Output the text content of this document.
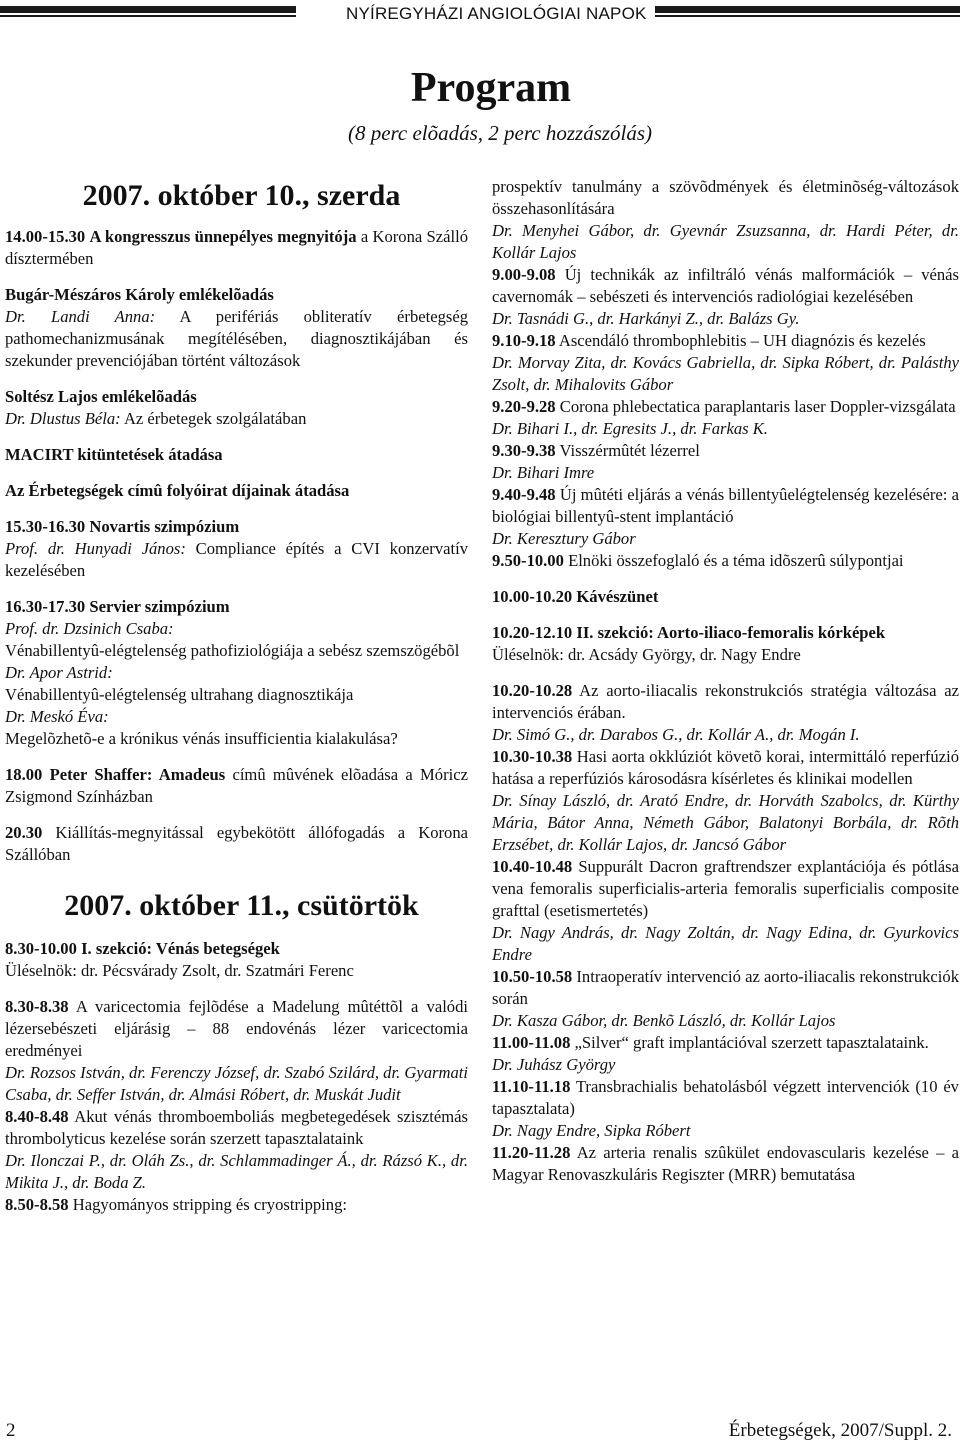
NYÍREGYHÁZI ANGIOLÓGIAI NAPOK
Program
(8 perc elõadás, 2 perc hozzászólás)
2007. október 10., szerda
14.00-15.30 A kongresszus ünnepélyes megnyitója a Korona Szálló dísztermében
Bugár-Mészáros Károly emlékelõadás
Dr. Landi Anna: A perifériás obliteratív érbetegség pathomechanizmusának megítélésében, diagnosztikájában és szekunder prevenciójában történt változások
Soltész Lajos emlékelõadás
Dr. Dlustus Béla: Az érbetegek szolgálatában
MACIRT kitüntetések átadása
Az Érbetegségek címû folyóirat díjainak átadása
15.30-16.30 Novartis szimpózium
Prof. dr. Hunyadi János: Compliance építés a CVI konzervatív kezelésében
16.30-17.30 Servier szimpózium
Prof. dr. Dzsinich Csaba:
Vénabillentyû-elégtelenség pathofiziológiája a sebész szemszögébõl
Dr. Apor Astrid:
Vénabillentyû-elégtelenség ultrahang diagnosztikája
Dr. Meskó Éva:
Megelõzhetõ-e a krónikus vénás insufficientia kialakulása?
18.00 Peter Shaffer: Amadeus címû mûvének elõadása a Móricz Zsigmond Színházban
20.30 Kiállítás-megnyitással egybekötött állófogadás a Korona Szállóban
2007. október 11., csütörtök
8.30-10.00 I. szekció: Vénás betegségek
Üléselnök: dr. Pécsvárady Zsolt, dr. Szatmári Ferenc
8.30-8.38 A varicectomia fejlõdése a Madelung mûtéttõl a valódi lézersebészeti eljárásig – 88 endovénás lézer varicectomia eredményei
Dr. Rozsos István, dr. Ferenczy József, dr. Szabó Szilárd, dr. Gyarmati Csaba, dr. Seffer István, dr. Almási Róbert, dr. Muskát Judit
8.40-8.48 Akut vénás thromboemboliás megbetegedések szisztémás thrombolyticus kezelése során szerzett tapasztalataink
Dr. Ilonczai P., dr. Oláh Zs., dr. Schlammadinger Á., dr. Rázsó K., dr. Mikita J., dr. Boda Z.
8.50-8.58 Hagyományos stripping és cryostripping:
prospektív tanulmány a szövõdmények és életminõség-változások összehasonlítására
Dr. Menyhei Gábor, dr. Gyevnár Zsuzsanna, dr. Hardi Péter, dr. Kollár Lajos
9.00-9.08 Új technikák az infiltráló vénás malformációk – vénás cavernomák – sebészeti és intervenciós radiológiai kezelésében
Dr. Tasnádi G., dr. Harkányi Z., dr. Balázs Gy.
9.10-9.18 Ascendáló thrombophlebitis – UH diagnózis és kezelés
Dr. Morvay Zita, dr. Kovács Gabriella, dr. Sipka Róbert, dr. Palásthy Zsolt, dr. Mihalovits Gábor
9.20-9.28 Corona phlebectatica paraplantaris laser Doppler-vizsgálata
Dr. Bihari I., dr. Egresits J., dr. Farkas K.
9.30-9.38 Visszérmûtét lézerrel
Dr. Bihari Imre
9.40-9.48 Új mûtéti eljárás a vénás billentyûelégtelenség kezelésére: a biológiai billentyû-stent implantáció
Dr. Keresztury Gábor
9.50-10.00 Elnöki összefoglaló és a téma idõszerû súlypontjai
10.00-10.20 Kávészünet
10.20-12.10 II. szekció: Aorto-iliaco-femoralis kórképek
Üléselnök: dr. Acsády György, dr. Nagy Endre
10.20-10.28 Az aorto-iliacalis rekonstrukciós stratégia változása az intervenciós érában.
Dr. Simó G., dr. Darabos G., dr. Kollár A., dr. Mogán I.
10.30-10.38 Hasi aorta okklúziót követõ korai, intermittáló reperfúzió hatása a reperfúziós károsodásra kísérletes és klinikai modellen
Dr. Sínay László, dr. Arató Endre, dr. Horváth Szabolcs, dr. Kürthy Mária, Bátor Anna, Németh Gábor, Balatonyi Borbála, dr. Rõth Erzsébet, dr. Kollár Lajos, dr. Jancsó Gábor
10.40-10.48 Suppurált Dacron graftrendszer explantációja és pótlása vena femoralis superficialis-arteria femoralis superficialis composite grafttal (esetismertetés)
Dr. Nagy András, dr. Nagy Zoltán, dr. Nagy Edina, dr. Gyurkovics Endre
10.50-10.58 Intraoperatív intervenció az aorto-iliacalis rekonstrukciók során
Dr. Kasza Gábor, dr. Benkõ László, dr. Kollár Lajos
11.00-11.08 „Silver“ graft implantációval szerzett tapasztalataink.
Dr. Juhász György
11.10-11.18 Transbrachialis behatolásból végzett intervenciók (10 év tapasztalata)
Dr. Nagy Endre, Sipka Róbert
11.20-11.28 Az arteria renalis szûkület endovascularis kezelése – a Magyar Renovaszkuláris Regiszter (MRR) bemutatása
2	Érbetegségek, 2007/Suppl. 2.
